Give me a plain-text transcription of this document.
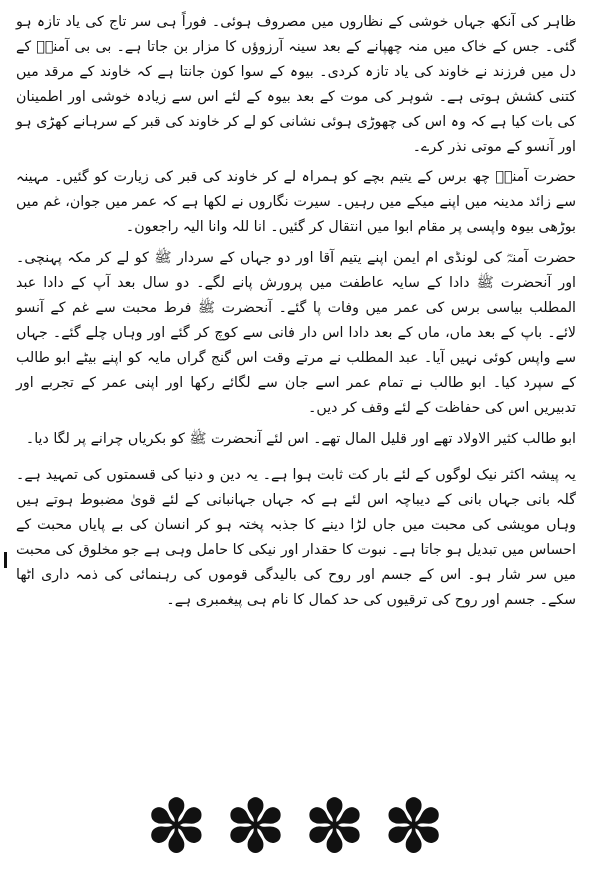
ظاہر کی آنکھ جہاں خوشی کے نظاروں میں مصروف ہوئی۔ فوراً ہی سر تاج کی یاد تازہ ہو گئی۔ جس کے خاک میں منہ چھپانے کے بعد سینہ آرزوؤں کا مزار بن جاتا ہے۔ بی بی آمنہؓ کے دل میں فرزند نے خاوند کی یاد تازہ کردی۔ بیوہ کے سوا کون جانتا ہے کہ خاوند کے مرقد میں کتنی کشش ہوتی ہے۔ شوہر کی موت کے بعد بیوہ کے لئے اس سے زیادہ خوشی اور اطمینان کی بات کیا ہے کہ وہ اس کی چھوڑی ہوئی نشانی کو لے کر خاوند کی قبر کے سرہانے کھڑی ہو اور آنسو کے موتی نذر کرے۔

حضرت آمنہؓ چھ برس کے یتیم بچے کو ہمراہ لے کر خاوند کی قبر کی زیارت کو گئیں۔ مہینہ سے زائد مدینہ میں اپنے میکے میں رہیں۔ سیرت نگاروں نے لکھا ہے کہ عمر میں جوان، غم میں بوڑھی بیوہ واپسی پر مقام ابوا میں انتقال کر گئیں۔ انا للہ وانا الیہ راجعون۔

حضرت آمنہؓ کی لونڈی ام ایمن اپنے یتیم آقا اور دو جہاں کے سردار ﷺ کو لے کر مکہ پہنچی۔ اور آنحضرت ﷺ دادا کے سایہ عاطفت میں پرورش پانے لگے۔ دو سال بعد آپ کے دادا عبد المطلب بیاسی برس کی عمر میں وفات پا گئے۔ آنحضرت ﷺ فرط محبت سے غم کے آنسو لائے۔ باپ کے بعد ماں، ماں کے بعد دادا اس دار فانی سے کوچ کر گئے اور وہاں چلے گئے۔ جہاں سے واپس کوئی نہیں آیا۔ عبد المطلب نے مرتے وقت اس گنج گراں مایہ کو اپنے بیٹے ابو طالب کے سپرد کیا۔ ابو طالب نے تمام عمر اسے جان سے لگائے رکھا اور اپنی عمر کے تجربے اور تدبیریں اس کی حفاظت کے لئے وقف کر دیں۔

ابو طالب کثیر الاولاد تھے اور قلیل المال تھے۔ اس لئے آنحضرت ﷺ کو بکریاں چرانے پر لگا دیا۔

یہ پیشہ اکثر نیک لوگوں کے لئے بار کت ثابت ہوا ہے۔ یہ دین و دنیا کی قسمتوں کی تمہید ہے۔ گلہ بانی جہاں بانی کے دیباچہ اس لئے ہے کہ جہاں جہانبانی کے لئے قویٰ مضبوط ہوتے ہیں وہاں مویشی کی محبت میں جاں لڑا دینے کا جذبہ پختہ ہو کر انسان کی بے پایاں محبت کے احساس میں تبدیل ہو جاتا ہے۔ نبوت کا حقدار اور نیکی کا حامل وہی ہے جو مخلوق کی محبت میں سر شار ہو۔ اس کے جسم اور روح کی بالیدگی قوموں کی رہنمائی کی ذمہ داری اٹھا سکے۔ جسم اور روح کی ترقیوں کی حد کمال کا نام ہی پیغمبری ہے۔

✽ ✽ ✽ ✽
